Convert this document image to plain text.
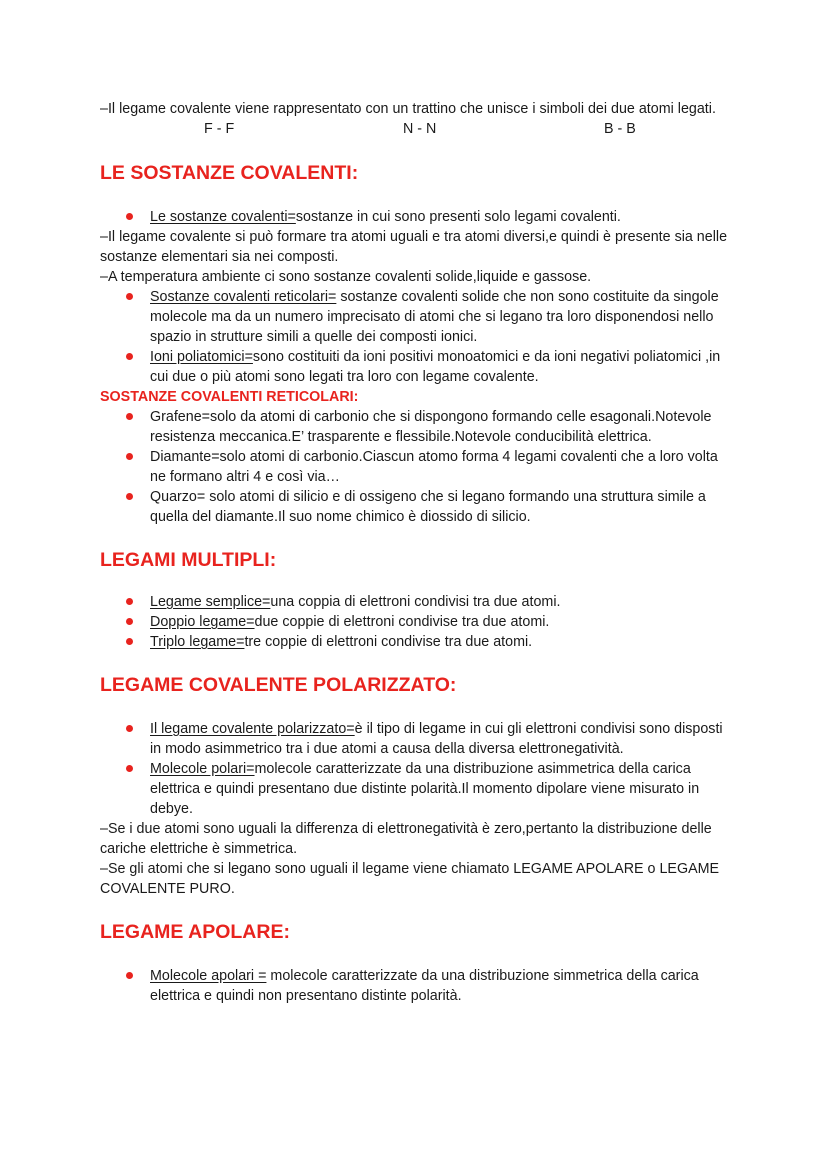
–Il legame covalente viene rappresentato con un trattino che unisce i simboli dei due atomi legati.

F - F	N - N	B - B
LE SOSTANZE COVALENTI:
Le sostanze covalenti=sostanze in cui sono presenti solo legami covalenti.

–Il legame covalente si può formare tra atomi uguali e tra atomi diversi,e quindi è presente sia nelle sostanze elementari sia nei composti.

–A temperatura ambiente ci sono sostanze covalenti solide,liquide e gassose.

Sostanze covalenti reticolari= sostanze covalenti solide che non sono costituite da singole molecole ma da un numero imprecisato di atomi che si legano tra loro disponendosi nello spazio in strutture simili a quelle dei composti ionici.
Ioni poliatomici=sono costituiti da ioni positivi monoatomici e da ioni negativi poliatomici ,in cui due o più atomi sono legati tra loro con legame covalente.
SOSTANZE COVALENTI RETICOLARI:
Grafene=solo da atomi di carbonio che si dispongono formando celle esagonali.Notevole resistenza meccanica.E’ trasparente e flessibile.Notevole conducibilità elettrica.
Diamante=solo atomi di carbonio.Ciascun atomo forma 4 legami covalenti che a loro volta ne formano altri 4 e così via…
Quarzo= solo atomi di silicio e di ossigeno che si legano formando una struttura simile a quella del diamante.Il suo nome chimico è diossido di silicio.
LEGAMI MULTIPLI:
Legame semplice=una coppia di elettroni condivisi tra due atomi.
Doppio legame=due coppie di elettroni condivise tra due atomi.
Triplo legame=tre coppie di elettroni condivise tra due atomi.
LEGAME COVALENTE POLARIZZATO:
Il legame covalente polarizzato=è il tipo di legame in cui gli elettroni condivisi sono disposti in modo asimmetrico tra i due atomi a causa della diversa elettronegatività.
Molecole polari=molecole caratterizzate da una distribuzione asimmetrica della carica elettrica e quindi presentano due distinte polarità.Il momento dipolare viene misurato in debye.

–Se i due atomi sono uguali la differenza di elettronegatività è zero,pertanto la distribuzione delle cariche elettriche è simmetrica.

–Se gli atomi che si legano sono uguali il legame viene chiamato LEGAME APOLARE o LEGAME COVALENTE PURO.

LEGAME APOLARE:
Molecole apolari = molecole caratterizzate da una distribuzione simmetrica della carica elettrica e quindi non presentano distinte polarità.
